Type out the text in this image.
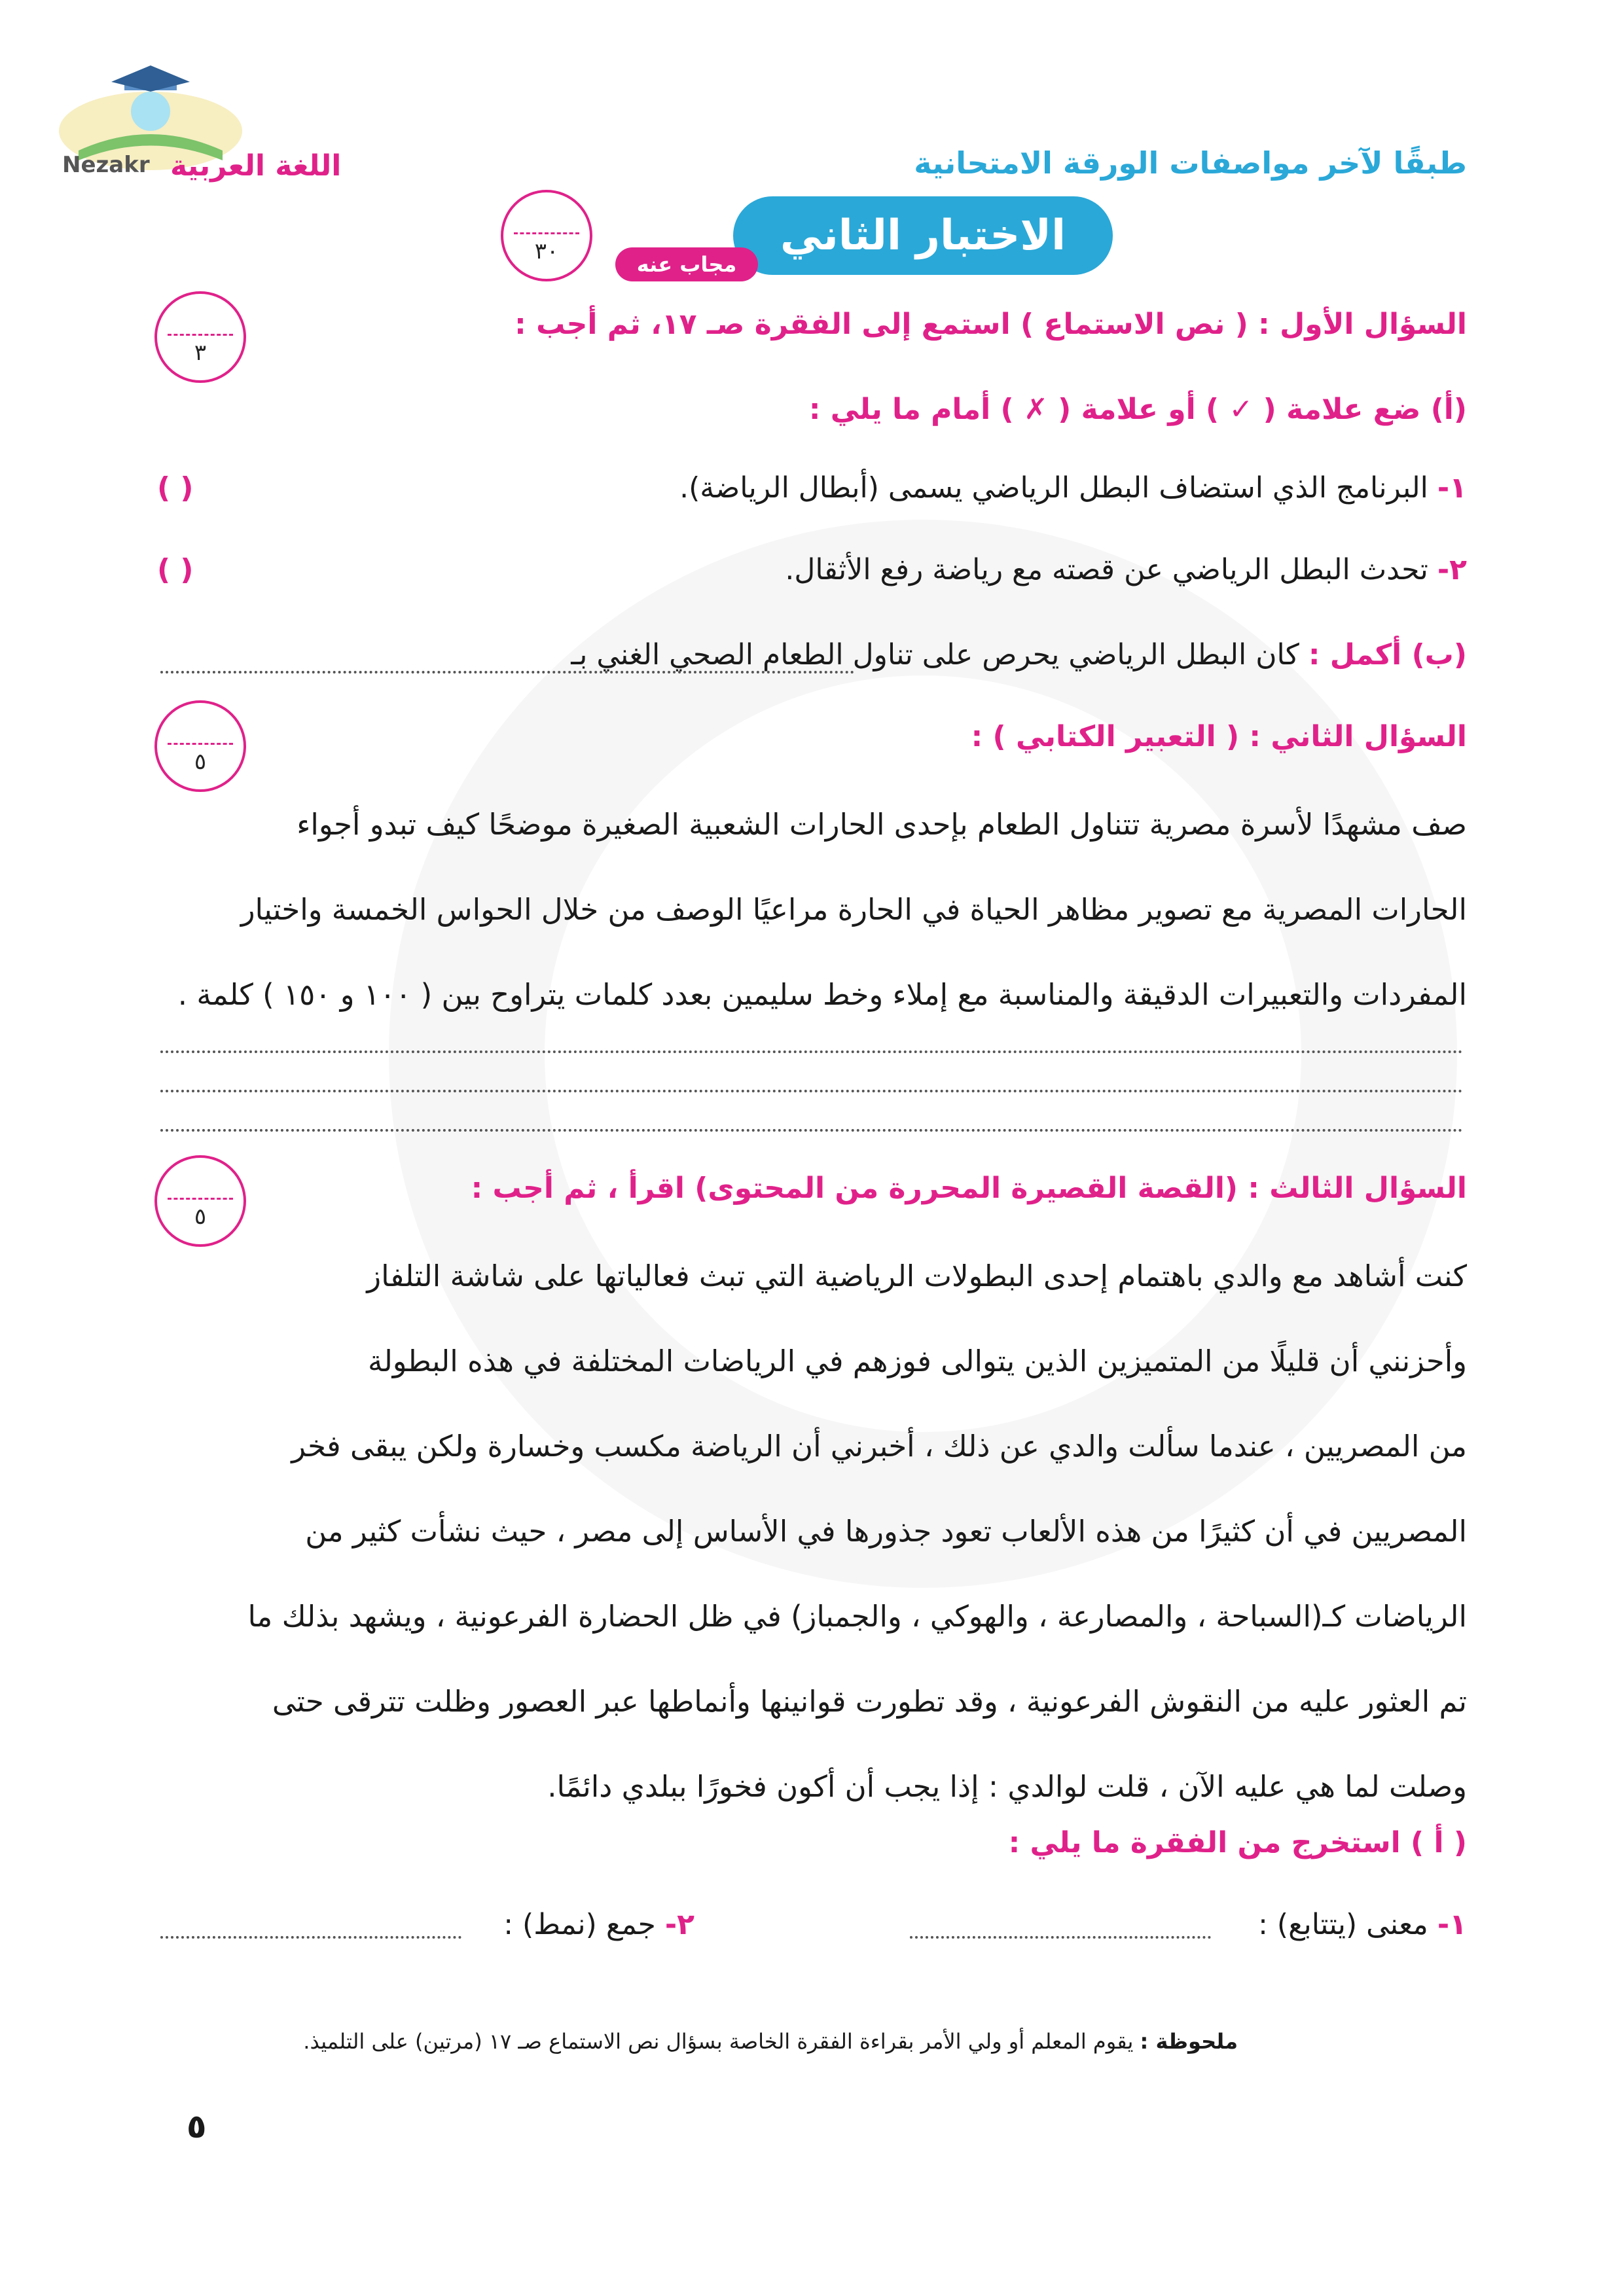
Nezakr اللغة العربية	طبقًا لآخر مواصفات الورقة الامتحانية
الاختبار الثاني
مجاب عنه
٣٠
السؤال الأول : ( نص الاستماع ) استمع إلى الفقرة صـ ١٧، ثم أجب :
٣
(أ) ضع علامة ( ✓ ) أو علامة ( ✗ ) أمام ما يلي :
١- البرنامج الذي استضاف البطل الرياضي يسمى (أبطال الرياضة).
( )
٢- تحدث البطل الرياضي عن قصته مع رياضة رفع الأثقال.
( )
(ب) أكمل : كان البطل الرياضي يحرص على تناول الطعام الصحي الغني بـ
السؤال الثاني : ( التعبير الكتابي ) :
٥
صف مشهدًا لأسرة مصرية تتناول الطعام بإحدى الحارات الشعبية الصغيرة موضحًا كيف تبدو أجواء
الحارات المصرية مع تصوير مظاهر الحياة في الحارة مراعيًا الوصف من خلال الحواس الخمسة واختيار
المفردات والتعبيرات الدقيقة والمناسبة مع إملاء وخط سليمين بعدد كلمات يتراوح بين ( ١٠٠ و ١٥٠ ) كلمة .
السؤال الثالث : (القصة القصيرة المحررة من المحتوى) اقرأ ، ثم أجب :
٥
كنت أشاهد مع والدي باهتمام إحدى البطولات الرياضية التي تبث فعالياتها على شاشة التلفاز
وأحزنني أن قليلًا من المتميزين الذين يتوالى فوزهم في الرياضات المختلفة في هذه البطولة
من المصريين ، عندما سألت والدي عن ذلك ، أخبرني أن الرياضة مكسب وخسارة ولكن يبقى فخر
المصريين في أن كثيرًا من هذه الألعاب تعود جذورها في الأساس إلى مصر ، حيث نشأت كثير من
الرياضات كـ(السباحة ، والمصارعة ، والهوكي ، والجمباز) في ظل الحضارة الفرعونية ، ويشهد بذلك ما
تم العثور عليه من النقوش الفرعونية ، وقد تطورت قوانينها وأنماطها عبر العصور وظلت تترقى حتى
وصلت لما هي عليه الآن ، قلت لوالدي : إذا يجب أن أكون فخورًا ببلدي دائمًا.
( أ ) استخرج من الفقرة ما يلي :
١- معنى (يتتابع) :
٢- جمع (نمط) :
ملحوظة : يقوم المعلم أو ولي الأمر بقراءة الفقرة الخاصة بسؤال نص الاستماع صـ ١٧ (مرتين) على التلميذ.
٥
